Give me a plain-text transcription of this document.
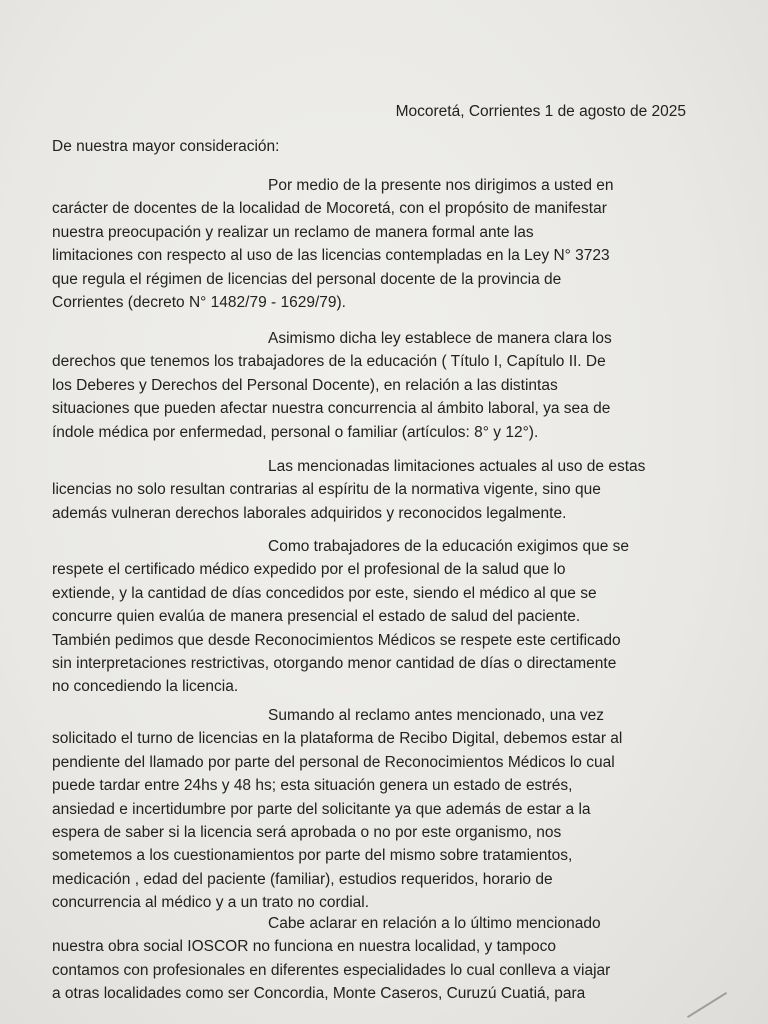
Mocoretá, Corrientes 1 de agosto de 2025
De nuestra mayor consideración:
Por medio de la presente nos dirigimos a usted en
carácter de docentes de la localidad de Mocoretá, con el propósito de manifestar
nuestra preocupación y realizar un reclamo de manera formal ante las
limitaciones con respecto al uso de las licencias contempladas en la Ley N° 3723
que regula el régimen de licencias del personal docente de la provincia de
Corrientes (decreto N° 1482/79 - 1629/79).
Asimismo dicha ley establece de manera clara los
derechos que tenemos los trabajadores de la educación ( Título I, Capítulo II. De
los Deberes y Derechos del Personal Docente), en relación a las distintas
situaciones que pueden afectar nuestra concurrencia al ámbito laboral, ya sea de
índole médica por enfermedad, personal o familiar (artículos: 8° y 12°).
Las mencionadas limitaciones actuales al uso de estas
licencias no solo resultan contrarias al espíritu de la normativa vigente, sino que
además vulneran derechos laborales adquiridos y reconocidos legalmente.
Como trabajadores de la educación exigimos que se
respete el certificado médico expedido por el profesional de la salud que lo
extiende, y la cantidad de días concedidos por este, siendo el médico al que se
concurre quien evalúa de manera presencial el estado de salud del paciente.
También pedimos que desde Reconocimientos Médicos se respete este certificado
sin interpretaciones restrictivas, otorgando menor cantidad de días o directamente
no concediendo la licencia.
Sumando al reclamo antes mencionado, una vez
solicitado el turno de licencias en la plataforma de Recibo Digital, debemos estar al
pendiente del llamado por parte del personal de Reconocimientos Médicos lo cual
puede tardar entre 24hs y 48 hs; esta situación genera un estado de estrés,
ansiedad e incertidumbre por parte del solicitante ya que además de estar a la
espera de saber si la licencia será aprobada o no por este organismo, nos
sometemos a los cuestionamientos por parte del mismo sobre tratamientos,
medicación , edad del paciente (familiar), estudios requeridos, horario de
concurrencia al médico y a un trato no cordial.
Cabe aclarar en relación a lo último mencionado
nuestra obra social IOSCOR no funciona en nuestra localidad, y tampoco
contamos con profesionales en diferentes especialidades lo cual conlleva a viajar
a otras localidades como ser Concordia, Monte Caseros, Curuzú Cuatiá, para
